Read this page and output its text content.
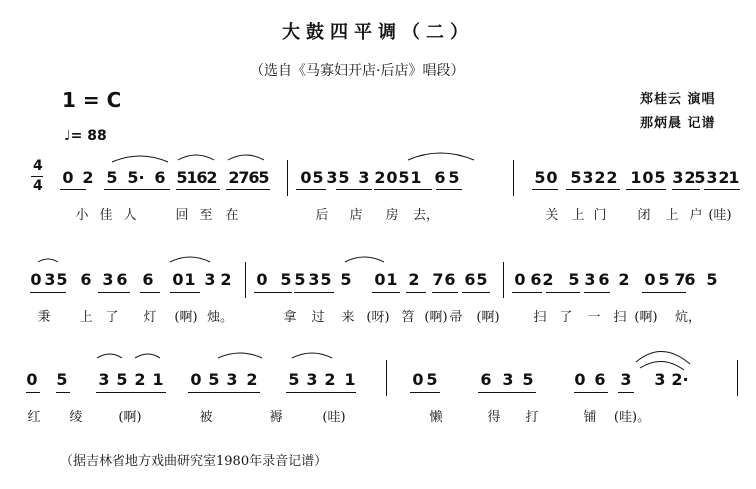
大鼓四平调（二）
（选自《马寡妇开店·后店》唱段）
1 = C
♩= 88
郑桂云 演唱
那炳晨 记谱
4
4 0 2 5 5· 6 5
1
6
2 2
7
6
5 0 5 3 5 3 2 0 5 1 6 5	5 0 5 3 2 2 1 0 5 3 2
5 3 2
1
小 佳 人	回 至 在	后 店 房 去，	关 上 门 闭 上 户 (哇)
0 3 5 6 3 6 6 0 1 3 2 0 5 5 3 5 5 0 1 2 7 6 6 5 0 6 2 5 3 6 2 0 5 7
6 5
秉 上 了 灯 (啊) 烛。	拿 过 来 (呀) 笤 (啊) 帚 (啊)	扫 了 一 扫 (啊) 炕，
0 5 3 5 2 1 0 5 3 2 5 3 2 1	0 5	6 3 5	0 6 3 3 2·
红 绫	(啊)	被	褥	(哇)	懒	得 打	铺 (哇)。
（据吉林省地方戏曲研究室1980年录音记谱）
